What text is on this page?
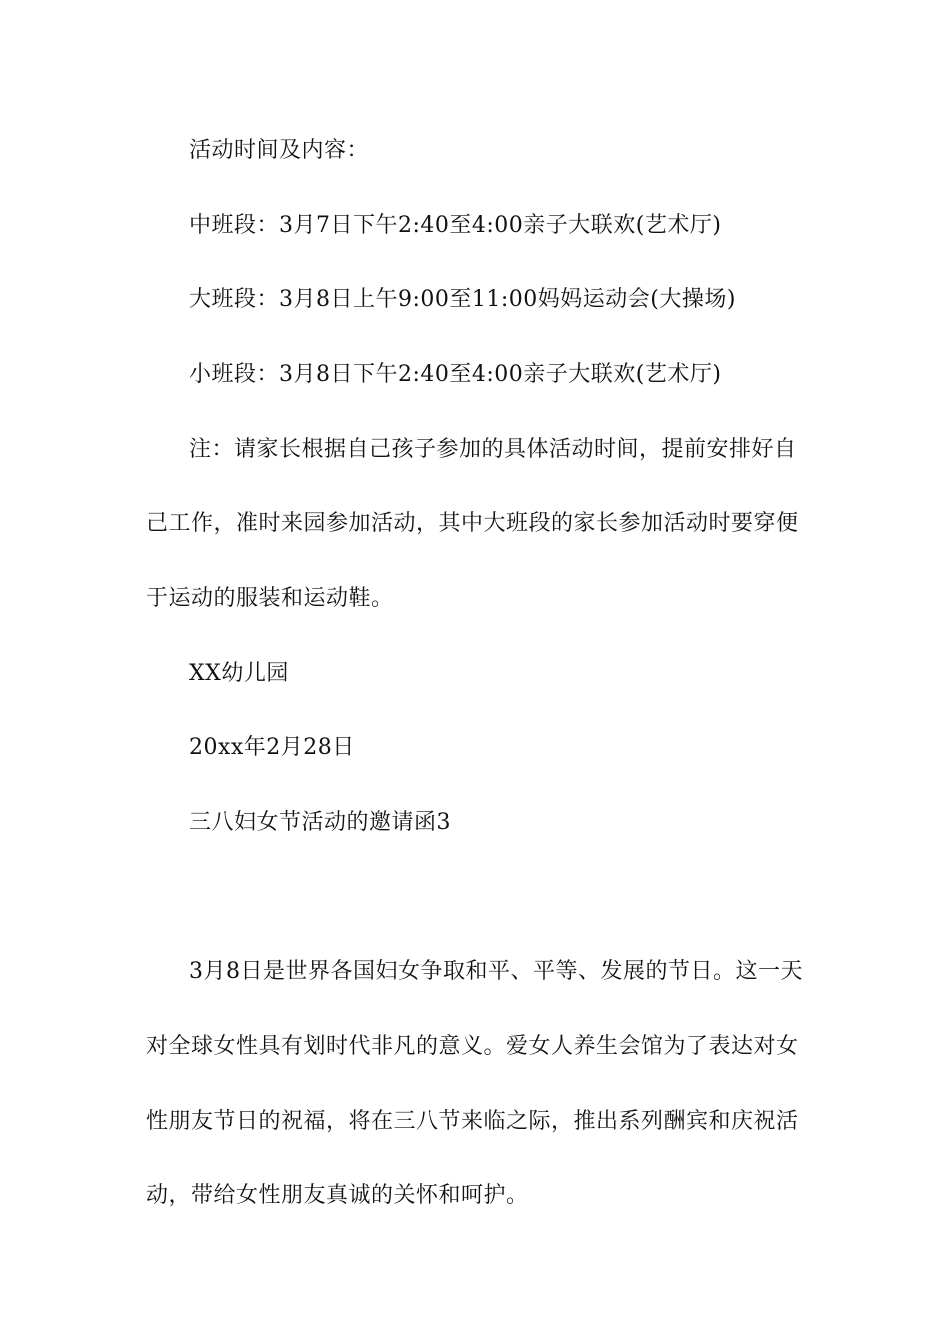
活动时间及内容：
中班段：3月7日下午2:40至4:00亲子大联欢(艺术厅)
大班段：3月8日上午9:00至11:00妈妈运动会(大操场)
小班段：3月8日下午2:40至4:00亲子大联欢(艺术厅)
注：请家长根据自己孩子参加的具体活动时间，提前安排好自
己工作，准时来园参加活动，其中大班段的家长参加活动时要穿便
于运动的服装和运动鞋。
XX幼儿园
20xx年2月28日
三八妇女节活动的邀请函3
3月8日是世界各国妇女争取和平、平等、发展的节日。这一天
对全球女性具有划时代非凡的意义。爱女人养生会馆为了表达对女
性朋友节日的祝福，将在三八节来临之际，推出系列酬宾和庆祝活
动，带给女性朋友真诚的关怀和呵护。
